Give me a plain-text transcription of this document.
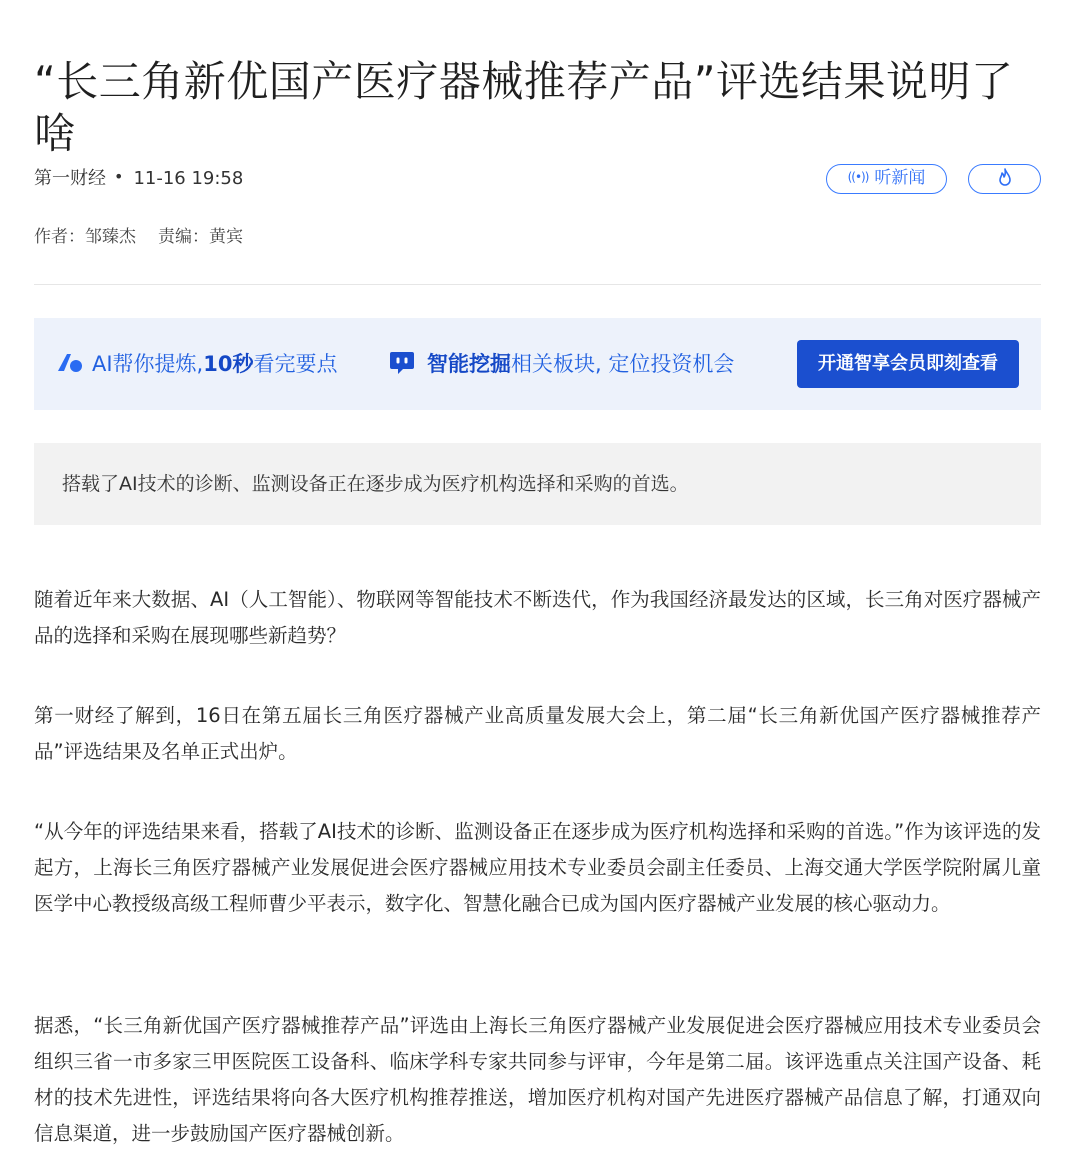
“长三角新优国产医疗器械推荐产品”评选结果说明了啥
第一财经 • 11-16 19:58	((•)) 听新闻
作者：邹臻杰 责编：黄宾
AI帮你提炼,10秒看完要点	智能挖掘相关板块, 定位投资机会	开通智享会员即刻查看
搭载了AI技术的诊断、监测设备正在逐步成为医疗机构选择和采购的首选。

随着近年来大数据、AI（人工智能）、物联网等智能技术不断迭代，作为我国经济最发达的区域，长三角对医疗器械产品的选择和采购在展现哪些新趋势？

第一财经了解到，16日在第五届长三角医疗器械产业高质量发展大会上，第二届“长三角新优国产医疗器械推荐产品”评选结果及名单正式出炉。

“从今年的评选结果来看，搭载了AI技术的诊断、监测设备正在逐步成为医疗机构选择和采购的首选。”作为该评选的发起方，上海长三角医疗器械产业发展促进会医疗器械应用技术专业委员会副主任委员、上海交通大学医学院附属儿童医学中心教授级高级工程师曹少平表示，数字化、智慧化融合已成为国内医疗器械产业发展的核心驱动力。

据悉，“长三角新优国产医疗器械推荐产品”评选由上海长三角医疗器械产业发展促进会医疗器械应用技术专业委员会组织三省一市多家三甲医院医工设备科、临床学科专家共同参与评审，今年是第二届。该评选重点关注国产设备、耗材的技术先进性，评选结果将向各大医疗机构推荐推送，增加医疗机构对国产先进医疗器械产品信息了解，打通双向信息渠道，进一步鼓励国产医疗器械创新。
